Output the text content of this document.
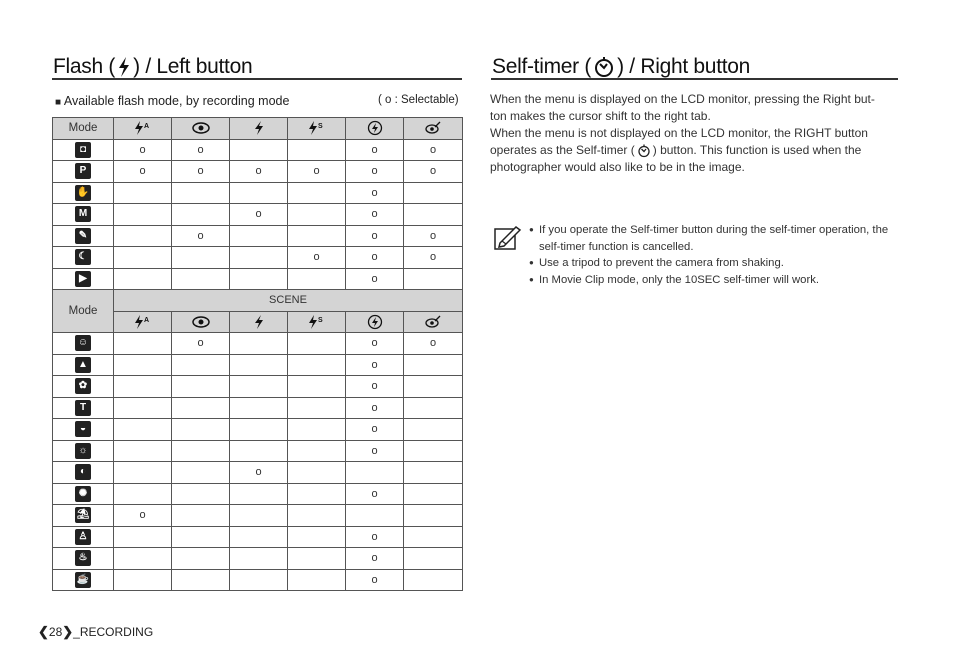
Flash ( ) / Left button	Self-timer ( ) / Right button
■ Available flash mode, by recording mode	( o : Selectable)
Mode	A			S

◘	o	o			o	o
P	o	o	o	o	o	o
✋					o	
M			o		o	
✎		o			o	o
☾				o	o	o
▶					o	
Mode	SCENE					

A			S

☺		o			o	o
▲					o	
✿					o	
T					o	
◒					o	
☼					o	
◐			o			
✺					o	
⛱	o					
♙					o	
♨					o	
☕					o	
When the menu is displayed on the LCD monitor, pressing the Right but-
ton makes the cursor shift to the right tab.
When the menu is not displayed on the LCD monitor, the RIGHT button
operates as the Self-timer ( ) button. This function is used when the
photographer would also like to be in the image.
● If you operate the Self-timer button during the self-timer operation, the
self-timer function is cancelled.
● Use a tripod to prevent the camera from shaking.
● In Movie Clip mode, only the 10SEC self-timer will work.
❮ 28 ❯ _RECORDING
